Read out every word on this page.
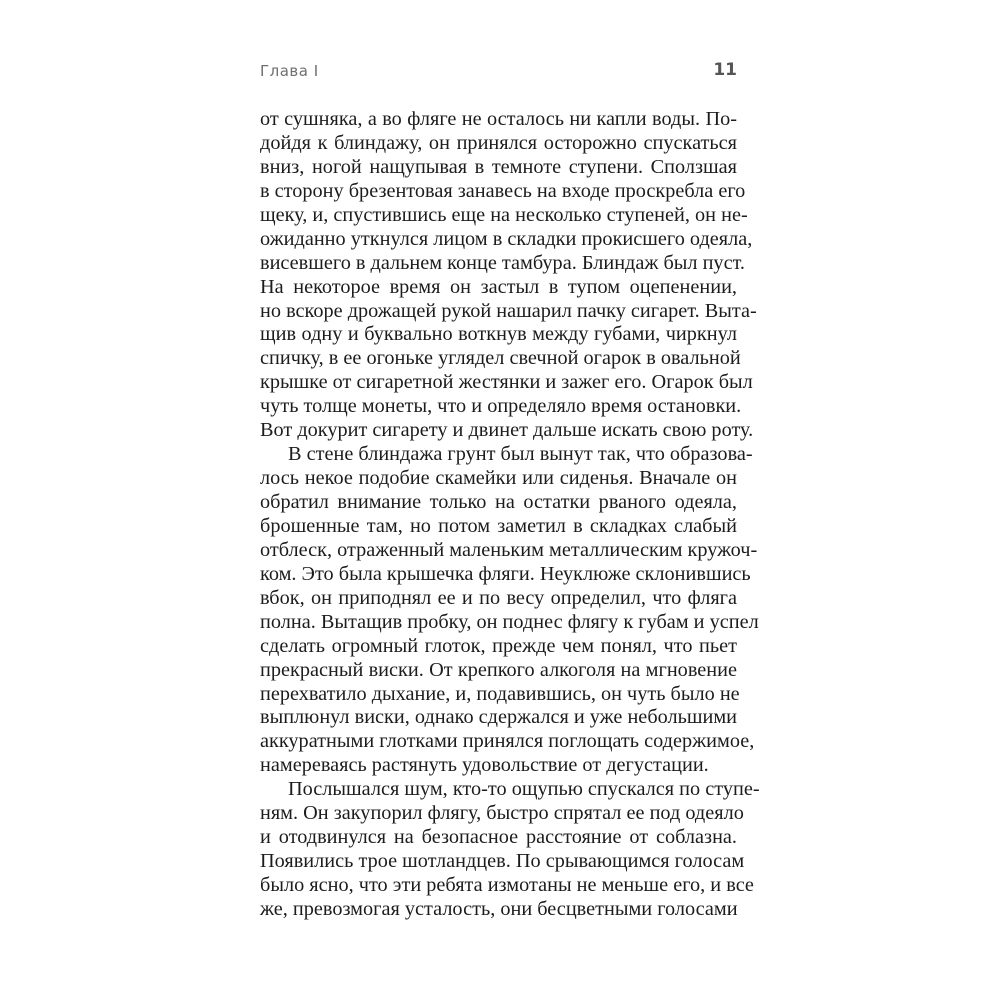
Глава I	11
от сушняка, а во фляге не осталось ни капли воды. По-
дойдя к блиндажу, он принялся осторожно спускаться
вниз, ногой нащупывая в темноте ступени. Сползшая
в сторону брезентовая занавесь на входе проскребла его
щеку, и, спустившись еще на несколько ступеней, он не-
ожиданно уткнулся лицом в складки прокисшего одеяла,
висевшего в дальнем конце тамбура. Блиндаж был пуст.
На некоторое время он застыл в тупом оцепенении,
но вскоре дрожащей рукой нашарил пачку сигарет. Выта-
щив одну и буквально воткнув между губами, чиркнул
спичку, в ее огоньке углядел свечной огарок в овальной
крышке от сигаретной жестянки и зажег его. Огарок был
чуть толще монеты, что и определяло время остановки.
Вот докурит сигарету и двинет дальше искать свою роту.
В стене блиндажа грунт был вынут так, что образова-
лось некое подобие скамейки или сиденья. Вначале он
обратил внимание только на остатки рваного одеяла,
брошенные там, но потом заметил в складках слабый
отблеск, отраженный маленьким металлическим кружоч-
ком. Это была крышечка фляги. Неуклюже склонившись
вбок, он приподнял ее и по весу определил, что фляга
полна. Вытащив пробку, он поднес флягу к губам и успел
сделать огромный глоток, прежде чем понял, что пьет
прекрасный виски. От крепкого алкоголя на мгновение
перехватило дыхание, и, подавившись, он чуть было не
выплюнул виски, однако сдержался и уже небольшими
аккуратными глотками принялся поглощать содержимое,
намереваясь растянуть удовольствие от дегустации.
Послышался шум, кто-то ощупью спускался по ступе-
ням. Он закупорил флягу, быстро спрятал ее под одеяло
и отодвинулся на безопасное расстояние от соблазна.
Появились трое шотландцев. По срывающимся голосам
было ясно, что эти ребята измотаны не меньше его, и все
же, превозмогая усталость, они бесцветными голосами
